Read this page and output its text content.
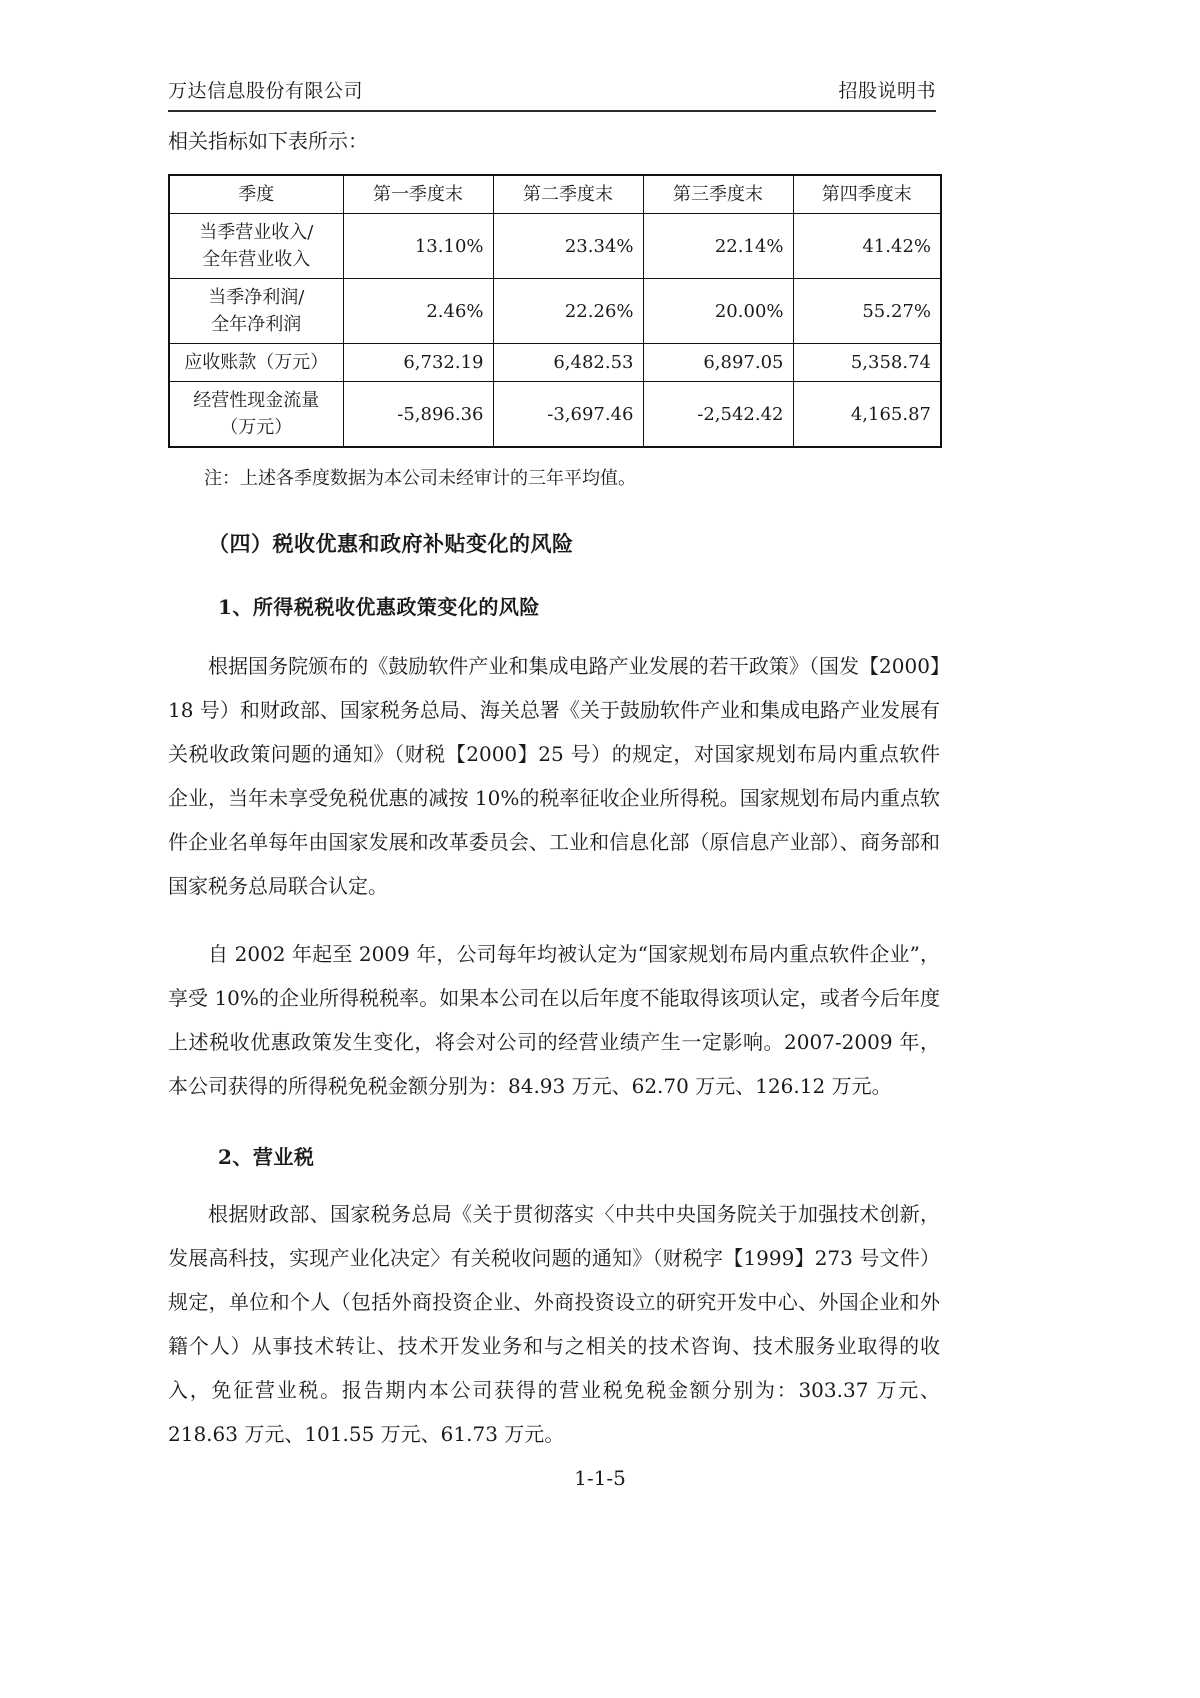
万达信息股份有限公司	招股说明书

相关指标如下表所示：

季度	第一季度末	第二季度末	第三季度末	第四季度末
当季营业收入/
全年营业收入	13.10%	23.34%	22.14%	41.42%
当季净利润/
全年净利润	2.46%	22.26%	20.00%	55.27%
应收账款（万元）	6,732.19	6,482.53	6,897.05	5,358.74
经营性现金流量
（万元）	-5,896.36	-3,697.46	-2,542.42	4,165.87

注：上述各季度数据为本公司未经审计的三年平均值。

（四）税收优惠和政府补贴变化的风险
1、所得税税收优惠政策变化的风险

根据国务院颁布的《鼓励软件产业和集成电路产业发展的若干政策》（国发【2000】18 号）和财政部、国家税务总局、海关总署《关于鼓励软件产业和集成电路产业发展有关税收政策问题的通知》（财税【2000】25 号）的规定，对国家规划布局内重点软件企业，当年未享受免税优惠的减按 10%的税率征收企业所得税。国家规划布局内重点软件企业名单每年由国家发展和改革委员会、工业和信息化部（原信息产业部）、商务部和国家税务总局联合认定。

自 2002 年起至 2009 年，公司每年均被认定为“国家规划布局内重点软件企业”，享受 10%的企业所得税税率。如果本公司在以后年度不能取得该项认定，或者今后年度上述税收优惠政策发生变化，将会对公司的经营业绩产生一定影响。2007-2009 年，本公司获得的所得税免税金额分别为：84.93 万元、62.70 万元、126.12 万元。

2、营业税

根据财政部、国家税务总局《关于贯彻落实〈中共中央国务院关于加强技术创新，发展高科技，实现产业化决定〉有关税收问题的通知》（财税字【1999】273 号文件）规定，单位和个人（包括外商投资企业、外商投资设立的研究开发中心、外国企业和外籍个人）从事技术转让、技术开发业务和与之相关的技术咨询、技术服务业取得的收入，免征营业税。报告期内本公司获得的营业税免税金额分别为：303.37 万元、218.63 万元、101.55 万元、61.73 万元。

1-1-5
